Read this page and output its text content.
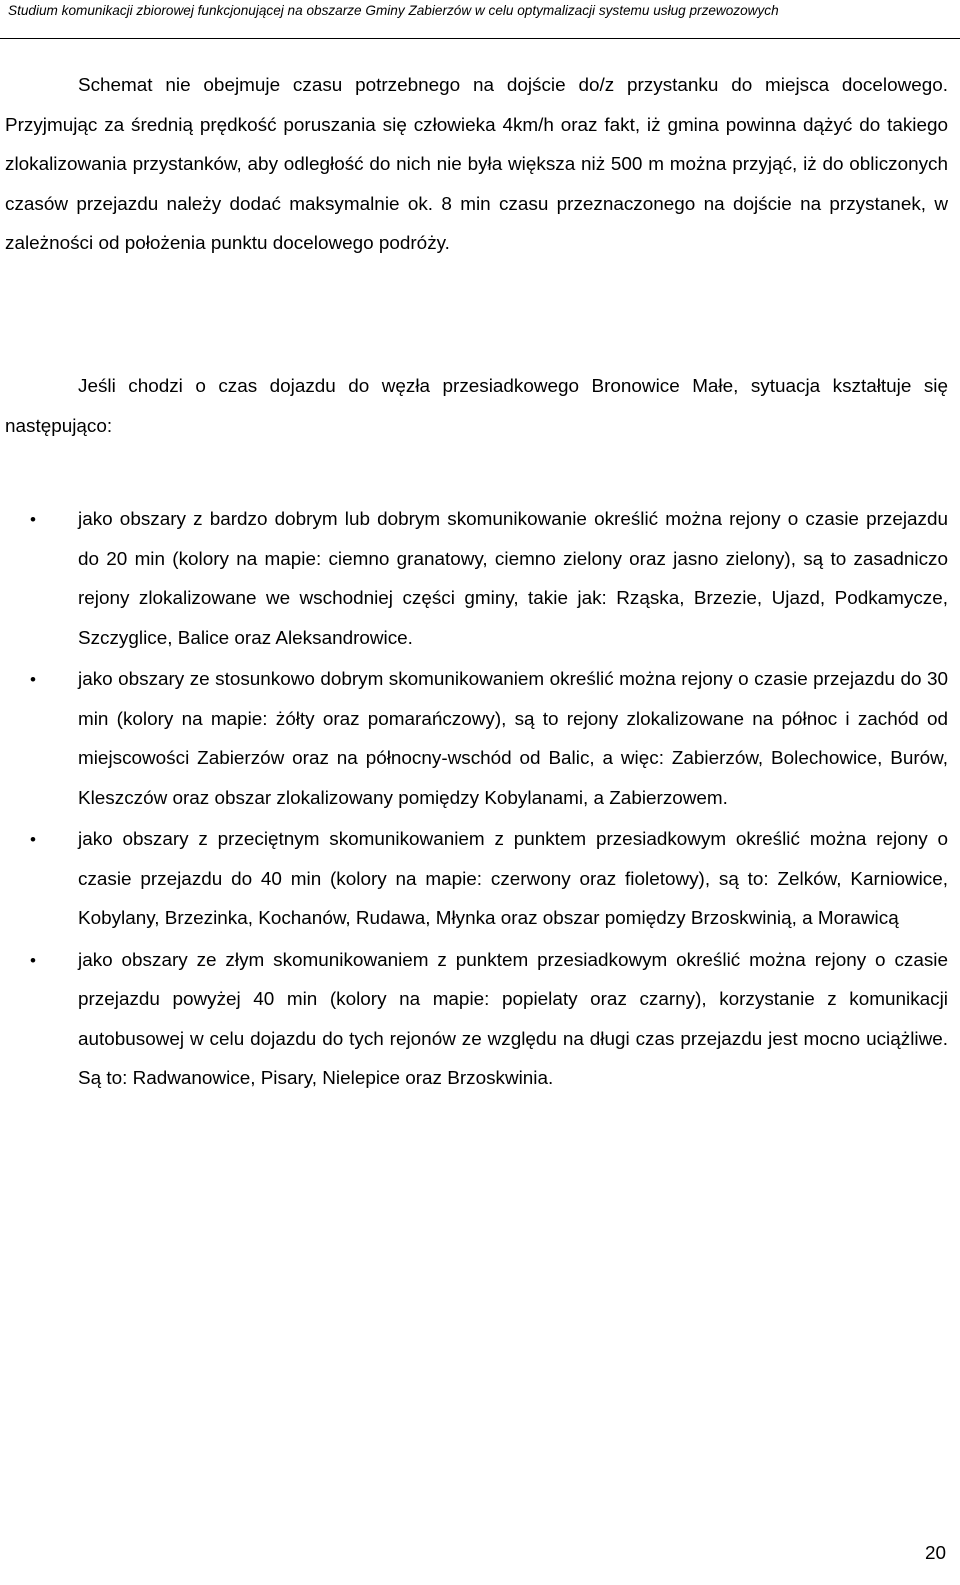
Studium komunikacji zbiorowej funkcjonującej na obszarze Gminy Zabierzów w celu optymalizacji systemu usług przewozowych

Schemat nie obejmuje czasu potrzebnego na dojście do/z przystanku do miejsca docelowego. Przyjmując za średnią prędkość poruszania się człowieka 4km/h oraz fakt, iż gmina powinna dążyć do takiego zlokalizowania przystanków, aby odległość do nich nie była większa niż 500 m można przyjąć, iż do obliczonych czasów przejazdu należy dodać maksymalnie ok. 8 min czasu przeznaczonego na dojście na przystanek, w zależności od położenia punktu docelowego podróży.

Jeśli chodzi o czas dojazdu do węzła przesiadkowego Bronowice Małe, sytuacja kształtuje się następująco:

• jako obszary z bardzo dobrym lub dobrym skomunikowanie określić można rejony o czasie przejazdu do 20 min (kolory na mapie: ciemno granatowy, ciemno zielony oraz jasno zielony), są to zasadniczo rejony zlokalizowane we wschodniej części gminy, takie jak: Rząska, Brzezie, Ujazd, Podkamycze, Szczyglice, Balice oraz Aleksandrowice.
• jako obszary ze stosunkowo dobrym skomunikowaniem określić można rejony o czasie przejazdu do 30 min (kolory na mapie: żółty oraz pomarańczowy), są to rejony zlokalizowane na północ i zachód od miejscowości Zabierzów oraz na północny-wschód od Balic, a więc: Zabierzów, Bolechowice, Burów, Kleszczów oraz obszar zlokalizowany pomiędzy Kobylanami, a Zabierzowem.
• jako obszary z przeciętnym skomunikowaniem z punktem przesiadkowym określić można rejony o czasie przejazdu do 40 min (kolory na mapie: czerwony oraz fioletowy), są to: Zelków, Karniowice, Kobylany, Brzezinka, Kochanów, Rudawa, Młynka oraz obszar pomiędzy Brzoskwinią, a Morawicą
• jako obszary ze złym skomunikowaniem z punktem przesiadkowym określić można rejony o czasie przejazdu powyżej 40 min (kolory na mapie: popielaty oraz czarny), korzystanie z komunikacji autobusowej w celu dojazdu do tych rejonów ze względu na długi czas przejazdu jest mocno uciążliwe. Są to: Radwanowice, Pisary, Nielepice oraz Brzoskwinia.
20
